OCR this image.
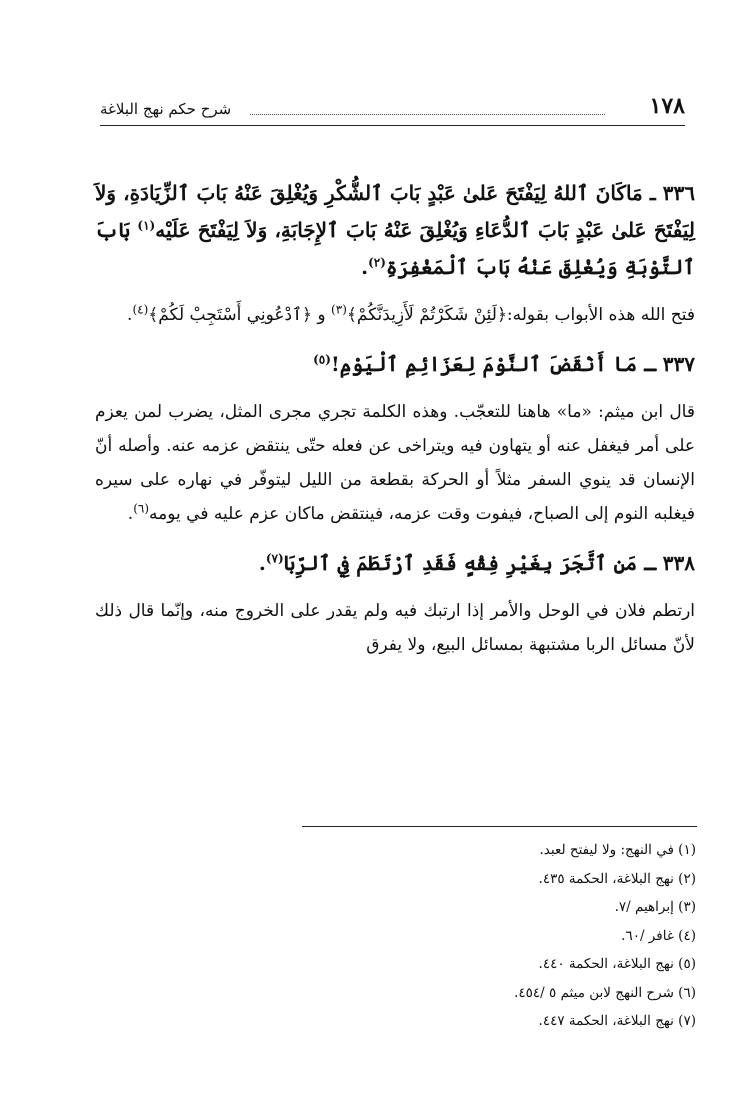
١٧٨
شرح حكم نهج البلاغة

٣٣٦ ـ مَاكَانَ ٱللهُ لِيَفْتَحَ عَلىٰ عَبْدٍ بَابَ ٱلشُّكْرِ وَيُغْلِقَ عَنْهُ بَابَ ٱلزِّيَادَةِ، وَلاَ لِيَفْتَحَ عَلىٰ عَبْدٍ بَابَ ٱلدُّعَاءِ وَيُغْلِقَ عَنْهُ بَابَ ٱلإِجَابَةِ، وَلاَ لِيَفْتَحَ عَلَيْه$^{(١)}$ بَابَ ٱلتَّوْبَةِ وَيُغْلِقَ عَنْهُ بَابَ ٱلْمَغْفِرَةِ$^{(٢)}$.

فتح الله هذه الأبواب بقوله:﴿لَئِنْ شَكَرْتُمْ لَأَزِيدَنَّكُمْ﴾$^{(٣)}$ و ﴿ٱدْعُونِي أَسْتَجِبْ لَكُمْ﴾$^{(٤)}$.

٣٣٧ ـ مَا أَنْقَضَ ٱلنَّوْمَ لِعَزَائِمِ ٱلْيَوْمِ!$^{(٥)}$

قال ابن ميثم: «ما» هاهنا للتعجّب. وهذه الكلمة تجري مجرى المثل، يضرب لمن يعزم على أمر فيغفل عنه أو يتهاون فيه ويتراخى عن فعله حتّى ينتقض عزمه عنه. وأصله أنّ الإنسان قد ينوي السفر مثلاً أو الحركة بقطعة من الليل ليتوفّر في نهاره على سيره فيغلبه النوم إلى الصباح، فيفوت وقت عزمه، فينتقض ماكان عزم عليه في يومه$^{(٦)}$.

٣٣٨ ـ مَنِ ٱتَّجَرَ بِغَيْرِ فِقْهٍ فَقَدِ ٱرْتَطَمَ فِي ٱلرِّبَا$^{(٧)}$.

ارتطم فلان في الوحل والأمر إذا ارتبك فيه ولم يقدر على الخروج منه، وإنّما قال ذلك لأنّ مسائل الربا مشتبهة بمسائل البيع، ولا يفرق

(١) في النهج: ولا ليفتح لعبد.
(٢) نهج البلاغة، الحكمة ٤٣٥.
(٣) إبراهيم /٧.
(٤) غافر /٦٠.
(٥) نهج البلاغة، الحكمة ٤٤٠.
(٦) شرح النهج لابن ميثم ٥ /٤٥٤.
(٧) نهج البلاغة، الحكمة ٤٤٧.
